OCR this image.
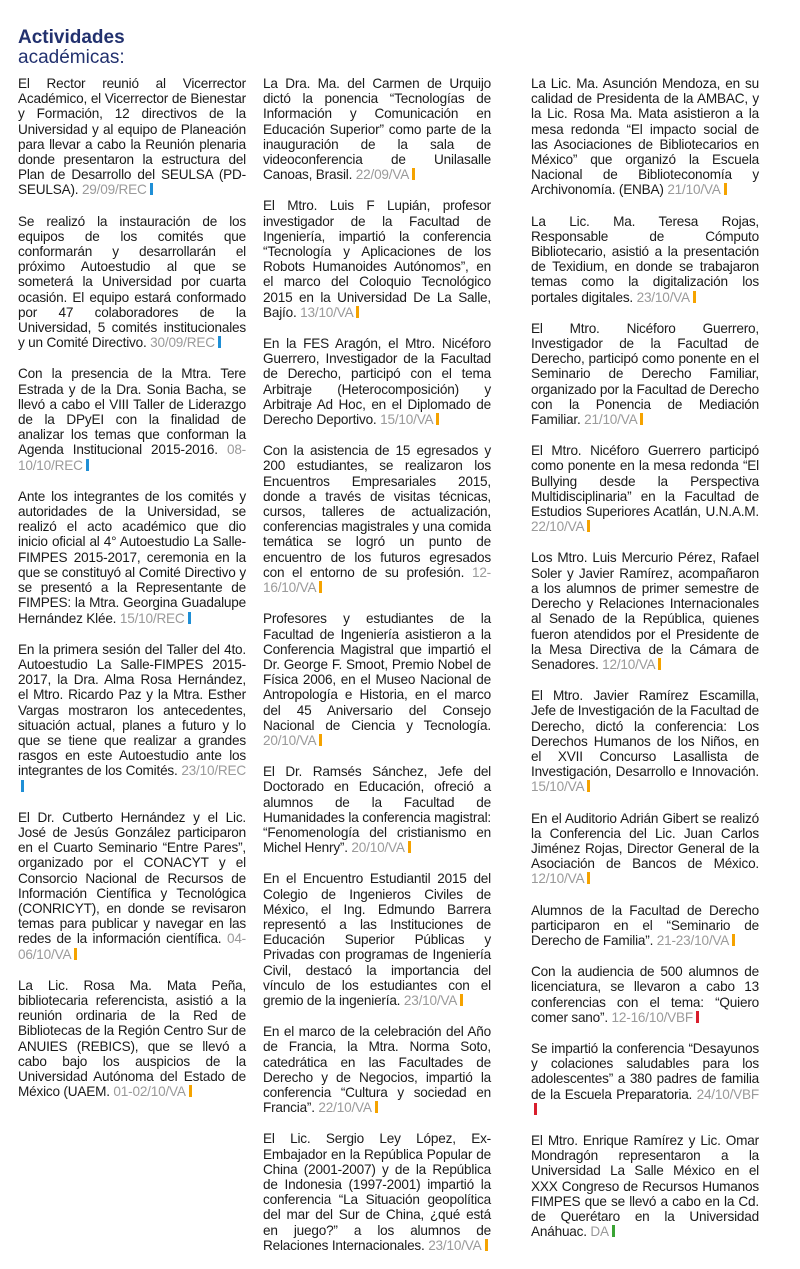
Actividades
académicas:

El Rector reunió al Vicerrector Académico, el Vicerrector de Bienestar y Formación, 12 directivos de la Universidad y al equipo de Planeación para llevar a cabo la Reunión plenaria donde presentaron la estructura del Plan de Desarrollo del SEULSA (PD-SEULSA). 29/09/REC

Se realizó la instauración de los equipos de los comités que conformarán y desarrollarán el próximo Autoestudio al que se someterá la Universidad por cuarta ocasión. El equipo estará conformado por 47 colaboradores de la Universidad, 5 comités institucionales y un Comité Directivo. 30/09/REC

Con la presencia de la Mtra. Tere Estrada y de la Dra. Sonia Bacha, se llevó a cabo el VIII Taller de Liderazgo de la DPyEI con la finalidad de analizar los temas que conforman la Agenda Institucional 2015-2016. 08-10/10/REC

Ante los integrantes de los comités y autoridades de la Universidad, se realizó el acto académico que dio inicio oficial al 4° Autoestudio La Salle-FIMPES 2015-2017, ceremonia en la que se constituyó al Comité Directivo y se presentó a la Representante de FIMPES: la Mtra. Georgina Guadalupe Hernández Klée. 15/10/REC

En la primera sesión del Taller del 4to. Autoestudio La Salle-FIMPES 2015-2017, la Dra. Alma Rosa Hernández, el Mtro. Ricardo Paz y la Mtra. Esther Vargas mostraron los antecedentes, situación actual, planes a futuro y lo que se tiene que realizar a grandes rasgos en este Autoestudio ante los integrantes de los Comités. 23/10/REC

El Dr. Cutberto Hernández y el Lic. José de Jesús González participaron en el Cuarto Seminario “Entre Pares”, organizado por el CONACYT y el Consorcio Nacional de Recursos de Información Científica y Tecnológica (CONRICYT), en donde se revisaron temas para publicar y navegar en las redes de la información científica. 04-06/10/VA

La Lic. Rosa Ma. Mata Peña, bibliotecaria referencista, asistió a la reunión ordinaria de la Red de Bibliotecas de la Región Centro Sur de ANUIES (REBICS), que se llevó a cabo bajo los auspicios de la Universidad Autónoma del Estado de México (UAEM. 01-02/10/VA

La Dra. Ma. del Carmen de Urquijo dictó la ponencia “Tecnologías de Información y Comunicación en Educación Superior” como parte de la inauguración de la sala de videoconferencia de Unilasalle Canoas, Brasil. 22/09/VA

El Mtro. Luis F Lupián, profesor investigador de la Facultad de Ingeniería, impartió la conferencia “Tecnología y Aplicaciones de los Robots Humanoides Autónomos”, en el marco del Coloquio Tecnológico 2015 en la Universidad De La Salle, Bajío. 13/10/VA

En la FES Aragón, el Mtro. Nicéforo Guerrero, Investigador de la Facultad de Derecho, participó con el tema Arbitraje (Heterocomposición) y Arbitraje Ad Hoc, en el Diplomado de Derecho Deportivo. 15/10/VA

Con la asistencia de 15 egresados y 200 estudiantes, se realizaron los Encuentros Empresariales 2015, donde a través de visitas técnicas, cursos, talleres de actualización, conferencias magistrales y una comida temática se logró un punto de encuentro de los futuros egresados con el entorno de su profesión. 12-16/10/VA

Profesores y estudiantes de la Facultad de Ingeniería asistieron a la Conferencia Magistral que impartió el Dr. George F. Smoot, Premio Nobel de Física 2006, en el Museo Nacional de Antropología e Historia, en el marco del 45 Aniversario del Consejo Nacional de Ciencia y Tecnología. 20/10/VA

El Dr. Ramsés Sánchez, Jefe del Doctorado en Educación, ofreció a alumnos de la Facultad de Humanidades la conferencia magistral: “Fenomenología del cristianismo en Michel Henry”. 20/10/VA

En el Encuentro Estudiantil 2015 del Colegio de Ingenieros Civiles de México, el Ing. Edmundo Barrera representó a las Instituciones de Educación Superior Públicas y Privadas con programas de Ingeniería Civil, destacó la importancia del vínculo de los estudiantes con el gremio de la ingeniería. 23/10/VA

En el marco de la celebración del Año de Francia, la Mtra. Norma Soto, catedrática en las Facultades de Derecho y de Negocios, impartió la conferencia “Cultura y sociedad en Francia”. 22/10/VA

El Lic. Sergio Ley López, Ex-Embajador en la República Popular de China (2001-2007) y de la República de Indonesia (1997-2001) impartió la conferencia “La Situación geopolítica del mar del Sur de China, ¿qué está en juego?” a los alumnos de Relaciones Internacionales. 23/10/VA

La Lic. Ma. Asunción Mendoza, en su calidad de Presidenta de la AMBAC, y la Lic. Rosa Ma. Mata asistieron a la mesa redonda “El impacto social de las Asociaciones de Bibliotecarios en México” que organizó la Escuela Nacional de Biblioteconomía y Archivonomía. (ENBA) 21/10/VA

La Lic. Ma. Teresa Rojas, Responsable de Cómputo Bibliotecario, asistió a la presentación de Texidium, en donde se trabajaron temas como la digitalización los portales digitales. 23/10/VA

El Mtro. Nicéforo Guerrero, Investigador de la Facultad de Derecho, participó como ponente en el Seminario de Derecho Familiar, organizado por la Facultad de Derecho con la Ponencia de Mediación Familiar. 21/10/VA

El Mtro. Nicéforo Guerrero participó como ponente en la mesa redonda “El Bullying desde la Perspectiva Multidisciplinaria” en la Facultad de Estudios Superiores Acatlán, U.N.A.M. 22/10/VA

Los Mtro. Luis Mercurio Pérez, Rafael Soler y Javier Ramírez, acompañaron a los alumnos de primer semestre de Derecho y Relaciones Internacionales al Senado de la República, quienes fueron atendidos por el Presidente de la Mesa Directiva de la Cámara de Senadores. 12/10/VA

El Mtro. Javier Ramírez Escamilla, Jefe de Investigación de la Facultad de Derecho, dictó la conferencia: Los Derechos Humanos de los Niños, en el XVII Concurso Lasallista de Investigación, Desarrollo e Innovación. 15/10/VA

En el Auditorio Adrián Gibert se realizó la Conferencia del Lic. Juan Carlos Jiménez Rojas, Director General de la Asociación de Bancos de México. 12/10/VA

Alumnos de la Facultad de Derecho participaron en el “Seminario de Derecho de Familia”. 21-23/10/VA

Con la audiencia de 500 alumnos de licenciatura, se llevaron a cabo 13 conferencias con el tema: “Quiero comer sano”. 12-16/10/VBF

Se impartió la conferencia “Desayunos y colaciones saludables para los adolescentes” a 380 padres de familia de la Escuela Preparatoria. 24/10/VBF

El Mtro. Enrique Ramírez y Lic. Omar Mondragón representaron a la Universidad La Salle México en el XXX Congreso de Recursos Humanos FIMPES que se llevó a cabo en la Cd. de Querétaro en la Universidad Anáhuac. DA
